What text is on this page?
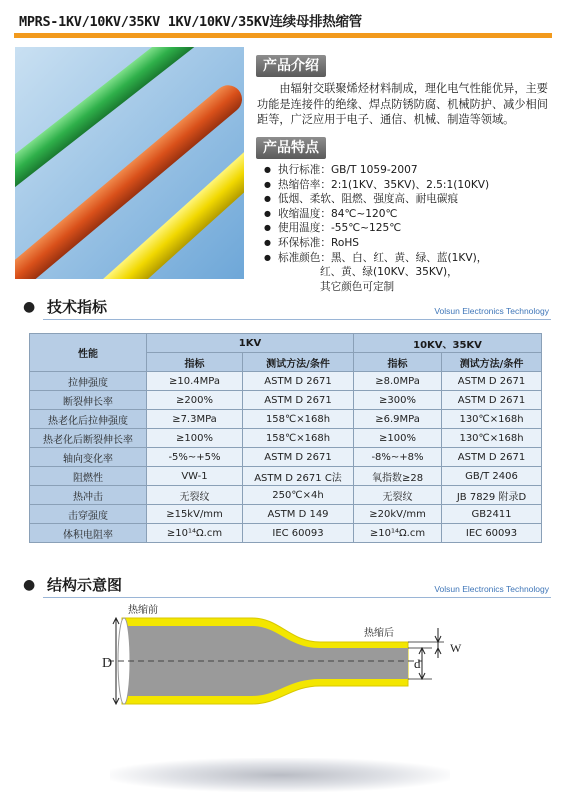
MPRS-1KV/10KV/35KV 1KV/10KV/35KV连续母排热缩管
产品介绍

由辐射交联聚烯烃材料制成，理化电气性能优异，主要功能是连接件的绝缘、焊点防锈防腐、机械防护、减少相间距等，广泛应用于电子、通信、机械、制造等领域。

产品特点
● 执行标准：GB/T 1059-2007
● 热缩倍率：2:1(1KV、35KV)、2.5:1(10KV)
● 低烟、柔软、阻燃、强度高、耐电碳痕
● 收缩温度：84℃~120℃
● 使用温度：-55℃~125℃
● 环保标准：RoHS
● 标准颜色：黑、白、红、黄、绿、蓝(1KV)，
红、黄、绿(10KV、35KV)，
其它颜色可定制
● 技术指标	Volsun Electronics Technology
性能	1KV		10KV、35KV	
	指标	测试方法/条件	指标	测试方法/条件
拉伸强度	≥10.4MPa	ASTM D 2671	≥8.0MPa	ASTM D 2671
断裂伸长率	≥200%	ASTM D 2671	≥300%	ASTM D 2671
热老化后拉伸强度	≥7.3MPa	158℃×168h	≥6.9MPa	130℃×168h
热老化后断裂伸长率	≥100%	158℃×168h	≥100%	130℃×168h
轴向变化率	-5%~+5%	ASTM D 2671	-8%~+8%	ASTM D 2671
阻燃性	VW-1	ASTM D 2671 C法	氧指数≥28	GB/T 2406
热冲击	无裂纹	250℃×4h	无裂纹	JB 7829 附录D
击穿强度	≥15kV/mm	ASTM D 149	≥20kV/mm	GB2411
体积电阻率	≥10¹⁴Ω.cm	IEC 60093	≥10¹⁴Ω.cm	IEC 60093
● 结构示意图	Volsun Electronics Technology
D	d
W
热缩前
热缩后
